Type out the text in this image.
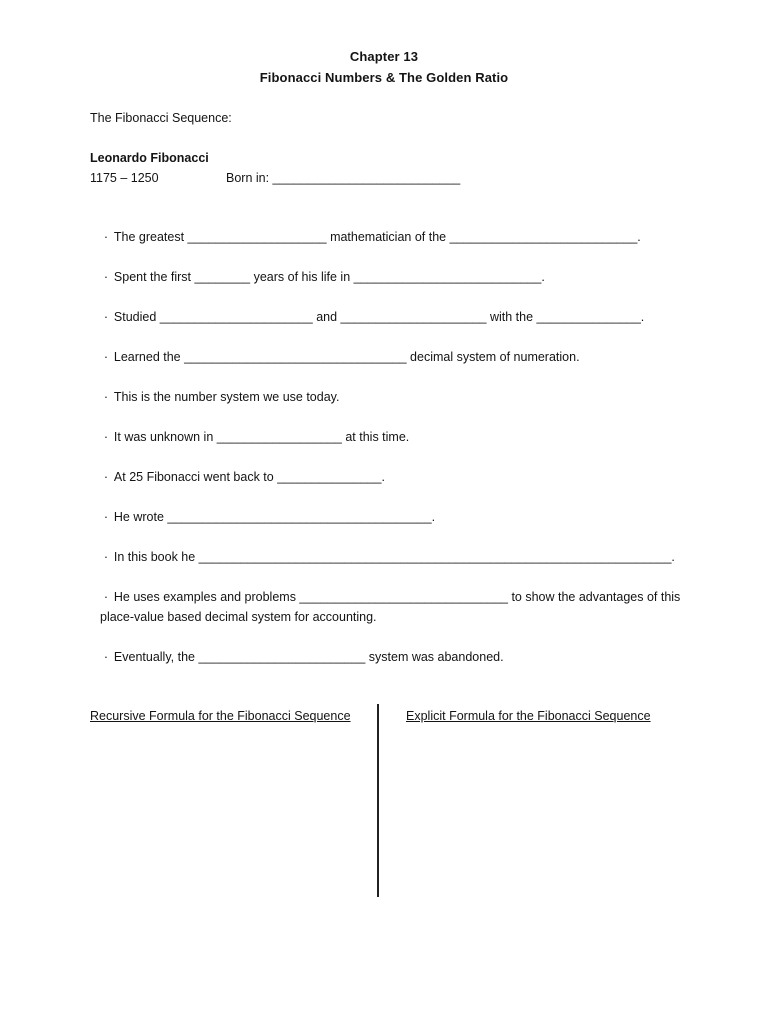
Chapter 13
Fibonacci Numbers & The Golden Ratio
The Fibonacci Sequence:
Leonardo Fibonacci
1175 – 1250	Born in: ___________________________

· The greatest ____________________ mathematician of the ___________________________.

· Spent the first ________ years of his life in ___________________________.

· Studied ______________________ and _____________________ with the _______________.

· Learned the ________________________________ decimal system of numeration.

· This is the number system we use today.

· It was unknown in __________________ at this time.

· At 25 Fibonacci went back to _______________.

· He wrote ______________________________________.

· In this book he ____________________________________________________________________.

· He uses examples and problems ______________________________ to show the advantages of this
place-value based decimal system for accounting.

· Eventually, the ________________________ system was abandoned.

Recursive Formula for the Fibonacci Sequence	Explicit Formula for the Fibonacci Sequence
